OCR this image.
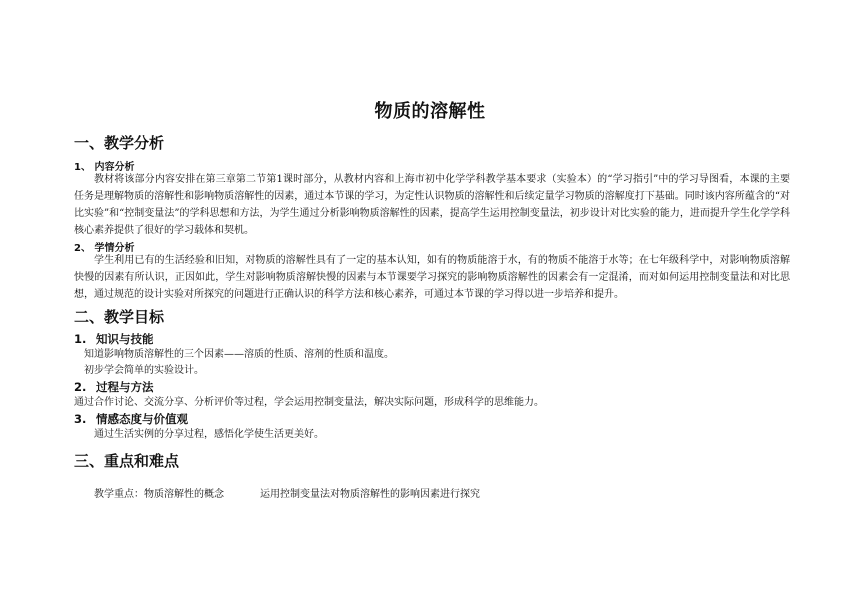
物质的溶解性
一、教学分析
1、 内容分析
教材将该部分内容安排在第三章第二节第1课时部分，从教材内容和上海市初中化学学科教学基本要求（实验本）的“学习指引”中的学习导图看，本课的主要任务是理解物质的溶解性和影响物质溶解性的因素，通过本节课的学习，为定性认识物质的溶解性和后续定量学习物质的溶解度打下基础。同时该内容所蕴含的“对比实验”和“控制变量法”的学科思想和方法，为学生通过分析影响物质溶解性的因素，提高学生运用控制变量法，初步设计对比实验的能力，进而提升学生化学学科核心素养提供了很好的学习载体和契机。
2、 学情分析
学生利用已有的生活经验和旧知，对物质的溶解性具有了一定的基本认知，如有的物质能溶于水，有的物质不能溶于水等；在七年级科学中，对影响物质溶解快慢的因素有所认识，正因如此，学生对影响物质溶解快慢的因素与本节课要学习探究的影响物质溶解性的因素会有一定混淆，而对如何运用控制变量法和对比思想，通过规范的设计实验对所探究的问题进行正确认识的科学方法和核心素养，可通过本节课的学习得以进一步培养和提升。
二、教学目标
1. 知识与技能
知道影响物质溶解性的三个因素——溶质的性质、溶剂的性质和温度。
初步学会简单的实验设计。
2. 过程与方法
通过合作讨论、交流分享、分析评价等过程，学会运用控制变量法，解决实际问题，形成科学的思维能力。
3. 情感态度与价值观
通过生活实例的分享过程，感悟化学使生活更美好。
三、重点和难点
教学重点：物质溶解性的概念	运用控制变量法对物质溶解性的影响因素进行探究
